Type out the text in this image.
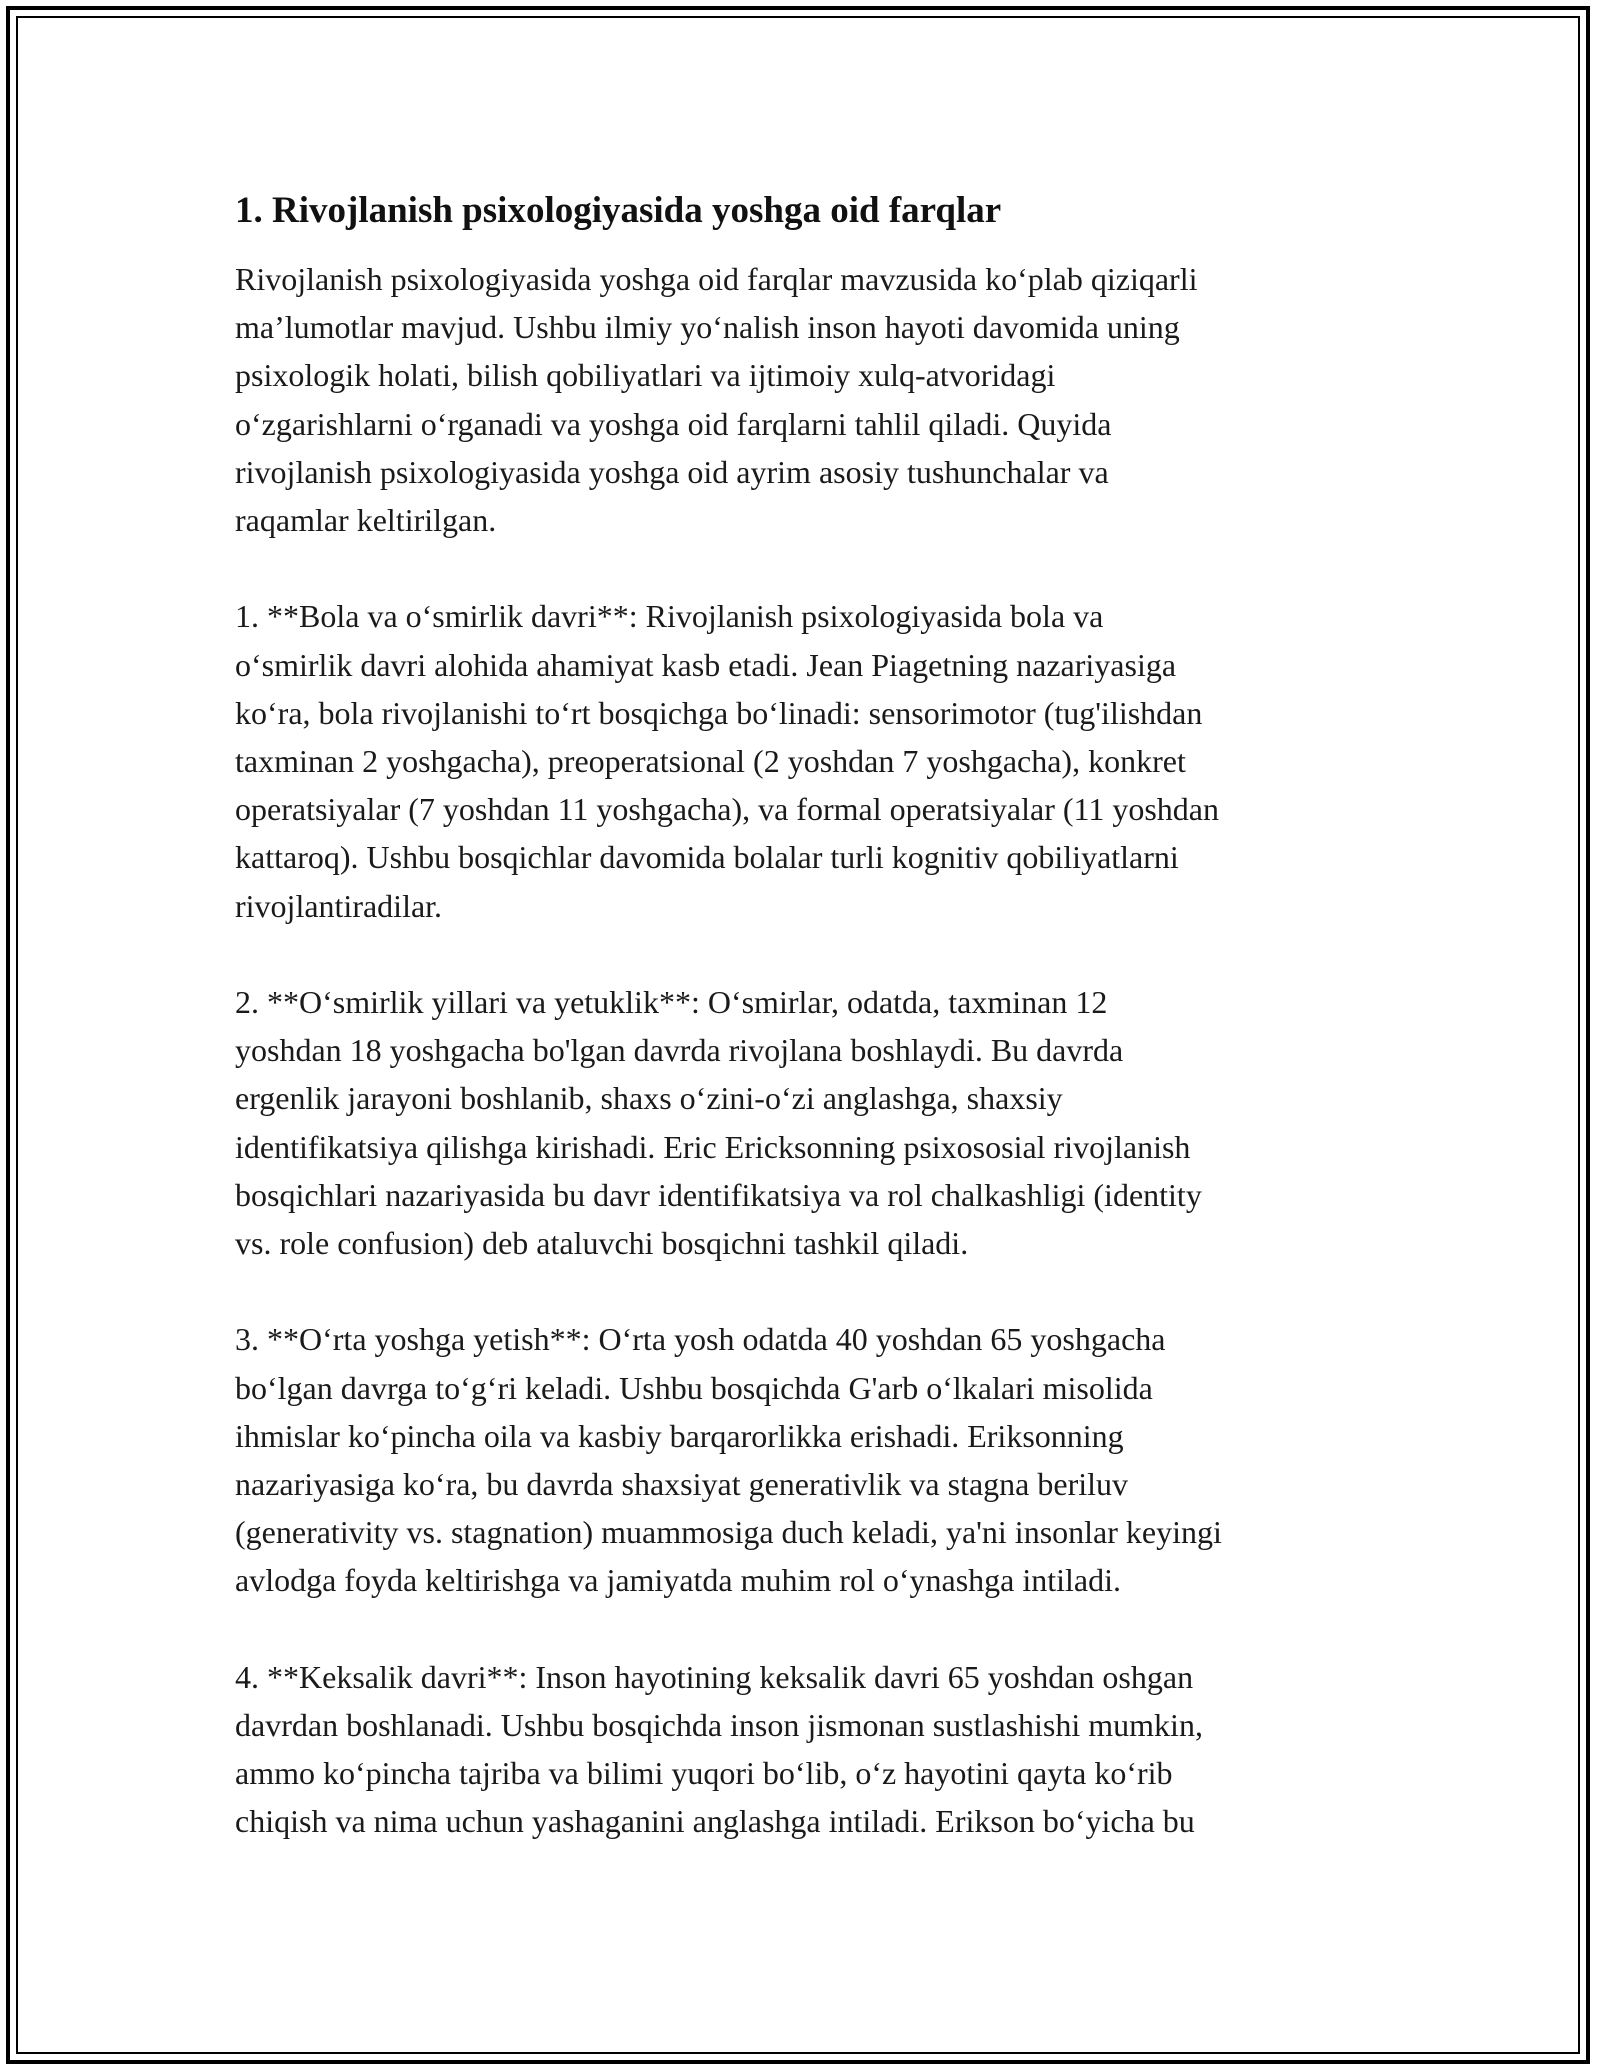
1. Rivojlanish psixologiyasida yoshga oid farqlar

Rivojlanish psixologiyasida yoshga oid farqlar mavzusida ko‘plab qiziqarli
ma’lumotlar mavjud. Ushbu ilmiy yo‘nalish inson hayoti davomida uning
psixologik holati, bilish qobiliyatlari va ijtimoiy xulq-atvoridagi
o‘zgarishlarni o‘rganadi va yoshga oid farqlarni tahlil qiladi. Quyida
rivojlanish psixologiyasida yoshga oid ayrim asosiy tushunchalar va
raqamlar keltirilgan.

1. **Bola va o‘smirlik davri**: Rivojlanish psixologiyasida bola va
o‘smirlik davri alohida ahamiyat kasb etadi. Jean Piagetning nazariyasiga
ko‘ra, bola rivojlanishi to‘rt bosqichga bo‘linadi: sensorimotor (tug'ilishdan
taxminan 2 yoshgacha), preoperatsional (2 yoshdan 7 yoshgacha), konkret
operatsiyalar (7 yoshdan 11 yoshgacha), va formal operatsiyalar (11 yoshdan
kattaroq). Ushbu bosqichlar davomida bolalar turli kognitiv qobiliyatlarni
rivojlantiradilar.

2. **O‘smirlik yillari va yetuklik**: O‘smirlar, odatda, taxminan 12
yoshdan 18 yoshgacha bo'lgan davrda rivojlana boshlaydi. Bu davrda
ergenlik jarayoni boshlanib, shaxs o‘zini-o‘zi anglashga, shaxsiy
identifikatsiya qilishga kirishadi. Eric Ericksonning psixososial rivojlanish
bosqichlari nazariyasida bu davr identifikatsiya va rol chalkashligi (identity
vs. role confusion) deb ataluvchi bosqichni tashkil qiladi.

3. **O‘rta yoshga yetish**: O‘rta yosh odatda 40 yoshdan 65 yoshgacha
bo‘lgan davrga to‘g‘ri keladi. Ushbu bosqichda G'arb o‘lkalari misolida
ihmislar ko‘pincha oila va kasbiy barqarorlikka erishadi. Eriksonning
nazariyasiga ko‘ra, bu davrda shaxsiyat generativlik va stagna beriluv
(generativity vs. stagnation) muammosiga duch keladi, ya'ni insonlar keyingi
avlodga foyda keltirishga va jamiyatda muhim rol o‘ynashga intiladi.

4. **Keksalik davri**: Inson hayotining keksalik davri 65 yoshdan oshgan
davrdan boshlanadi. Ushbu bosqichda inson jismonan sustlashishi mumkin,
ammo ko‘pincha tajriba va bilimi yuqori bo‘lib, o‘z hayotini qayta ko‘rib
chiqish va nima uchun yashaganini anglashga intiladi. Erikson bo‘yicha bu
